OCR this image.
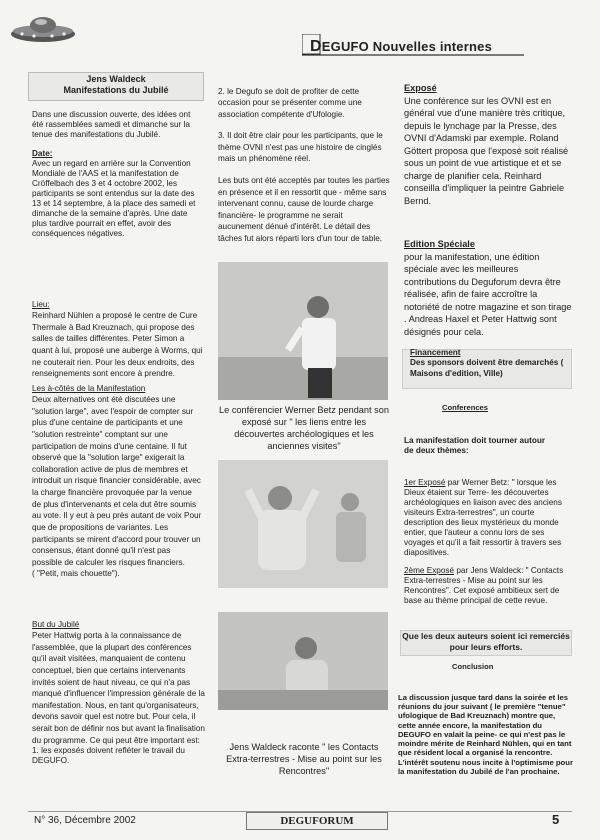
DEGUFO Nouvelles internes
Jens Waldeck
Manifestations du Jubilé

Dans une discussion ouverte, des idées ont été rassemblées samedi et dimanche sur la tenue des manifestations du Jubilé.

Date:

Avec un regard en arrière sur la Convention Mondiale de l'AAS et la manifestation de Cröffelbach des 3 et 4 octobre 2002, les participants se sont entendus sur la date des 13 et 14 septembre, à la place des samedi et dimanche de la semaine d'après. Une date plus tardive pourrait en effet, avoir des conséquences négatives.

Lieu:

Reinhard Nühlen a proposé le centre de Cure Thermale à Bad Kreuznach, qui propose des salles de tailles différentes. Peter Simon a quant à lui, proposé une auberge à Worms, qui ne couterait rien. Pour les deux endroits, des renseignements sont encore à prendre.

Les à-côtés de la Manifestation

Deux alternatives ont été discutées une "solution large", avec l'espoir de compter sur plus d'une centaine de participants et une "solution restreinte" comptant sur une participation de moins d'une centaine. Il fut observé que la "solution large" exigerait la collaboration active de plus de membres et introduit un risque financier considérable, avec la charge financière provoquée par la venue de plus d'intervenants et cela dut être soumis au vote. Il y eut à peu près autant de voix Pour que de propositions de variantes. Les participants se mirent d'accord pour trouver un consensus, étant donné qu'il n'est pas possible de calculer les risques financiers.

( "Petit, mais chouette").

But du Jubilé

Peter Hattwig porta à la connaissance de l'assemblée, que la plupart des conférences qu'il avait visitées, manquaient de contenu conceptuel, bien que certains intervenants invités soient de haut niveau, ce qui n'a pas manqué d'influencer l'impression générale de la manifestation. Nous, en tant qu'organisateurs, devons savoir quel est notre but. Pour cela, il serait bon de définir nos but avant la finalisation du programme. Ce qui peut être important est:

1. les exposés doivent refléter le travail du DEGUFO.

2. le Degufo se doit de profiter de cette occasion pour se présenter comme une association compétente d'Ufologie.

3. Il doit être clair pour les participants, que le thème OVNI n'est pas une histoire de cinglés mais un phénomène réel.

Les buts ont été acceptés par toutes les parties en présence et il en ressortit que - même sans intervenant connu, cause de lourde charge financière- le programme ne serait aucunement dénué d'intérêt. Le détail des tâches fut alors réparti lors d'un tour de table.

Le conférencier Werner Betz pendant son exposé sur " les liens entre les découvertes archéologiques et les anciennes visites"
Jens Waldeck raconte " les Contacts Extra-terrestres - Mise au point sur les Rencontres"

Exposé

Une conférence sur les OVNI est en général vue d'une manière très critique, depuis le lynchage par la Presse, des OVNI d'Adamski par exemple. Roland Göttert proposa que l'exposé soit réalisé sous un point de vue artistique et et se charge de planifier cela. Reinhard conseilla d'impliquer la peintre Gabriele Bernd.

Edition Spéciale

pour la manifestation, une édition spéciale avec les meilleures contributions du Deguforum devra être réalisée, afin de faire accroître la notoriété de notre magazine et son tirage . Andreas Haxel et Peter Hattwig sont désignés pour cela.

Financement

Des sponsors doivent être demarchés ( Maisons d'edition, Ville)

Conferences
La manifestation doit tourner autour de deux thèmes:
1er Exposé par Werner Betz: " lorsque les Dieux étaient sur Terre- les découvertes archéologiques en liaison avec des anciens visiteurs Extra-terrestres", un courte description des lieux mystérieux du monde entier, que l'auteur a connu lors de ses voyages et qu'il a fait ressortir à travers ses diapositives.
2ème Exposé par Jens Waldeck: " Contacts Extra-terrestres - Mise au point sur les Rencontres". Cet exposé ambitieux sert de base au thème principal de cette revue.
Que les deux auteurs soient ici remerciés pour leurs efforts.
Conclusion
La discussion jusque tard dans la soirée et les réunions du jour suivant ( le première "tenue" ufologique de Bad Kreuznach) montre que, cette année encore, la manifestation du DEGUFO en valait la peine- ce qui n'est pas le moindre mérite de Reinhard Nühlen, qui en tant que résident local a organisé la rencontre. L'intérêt soutenu nous incite à l'optimisme pour la manifestation du Jubilé de l'an prochaine.
N° 36, Décembre 2002	DEGUFORUM	5
